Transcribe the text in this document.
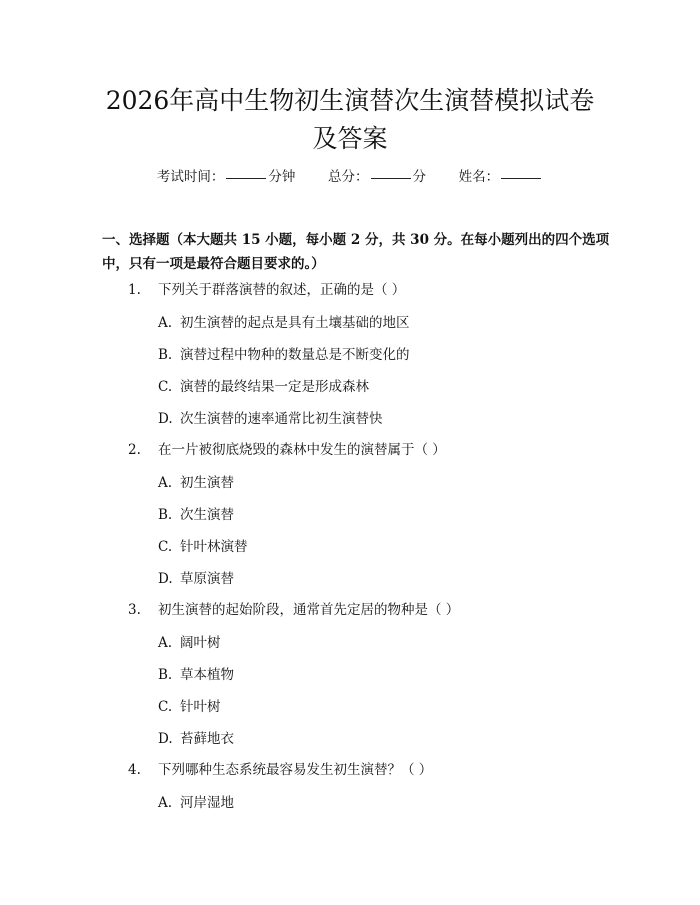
2026年高中生物初生演替次生演替模拟试卷
及答案
考试时间：	分钟 总分：	分 姓名：
一、选择题（本大题共 15 小题，每小题 2 分，共 30 分。在每小题列出的四个选项中，只有一项是最符合题目要求的。）
1. 下列关于群落演替的叙述，正确的是（ ）
A. 初生演替的起点是具有土壤基础的地区
B. 演替过程中物种的数量总是不断变化的
C. 演替的最终结果一定是形成森林
D. 次生演替的速率通常比初生演替快
2. 在一片被彻底烧毁的森林中发生的演替属于（ ）
A. 初生演替
B. 次生演替
C. 针叶林演替
D. 草原演替
3. 初生演替的起始阶段，通常首先定居的物种是（ ）
A. 阔叶树
B. 草本植物
C. 针叶树
D. 苔藓地衣
4. 下列哪种生态系统最容易发生初生演替？（ ）
A. 河岸湿地
